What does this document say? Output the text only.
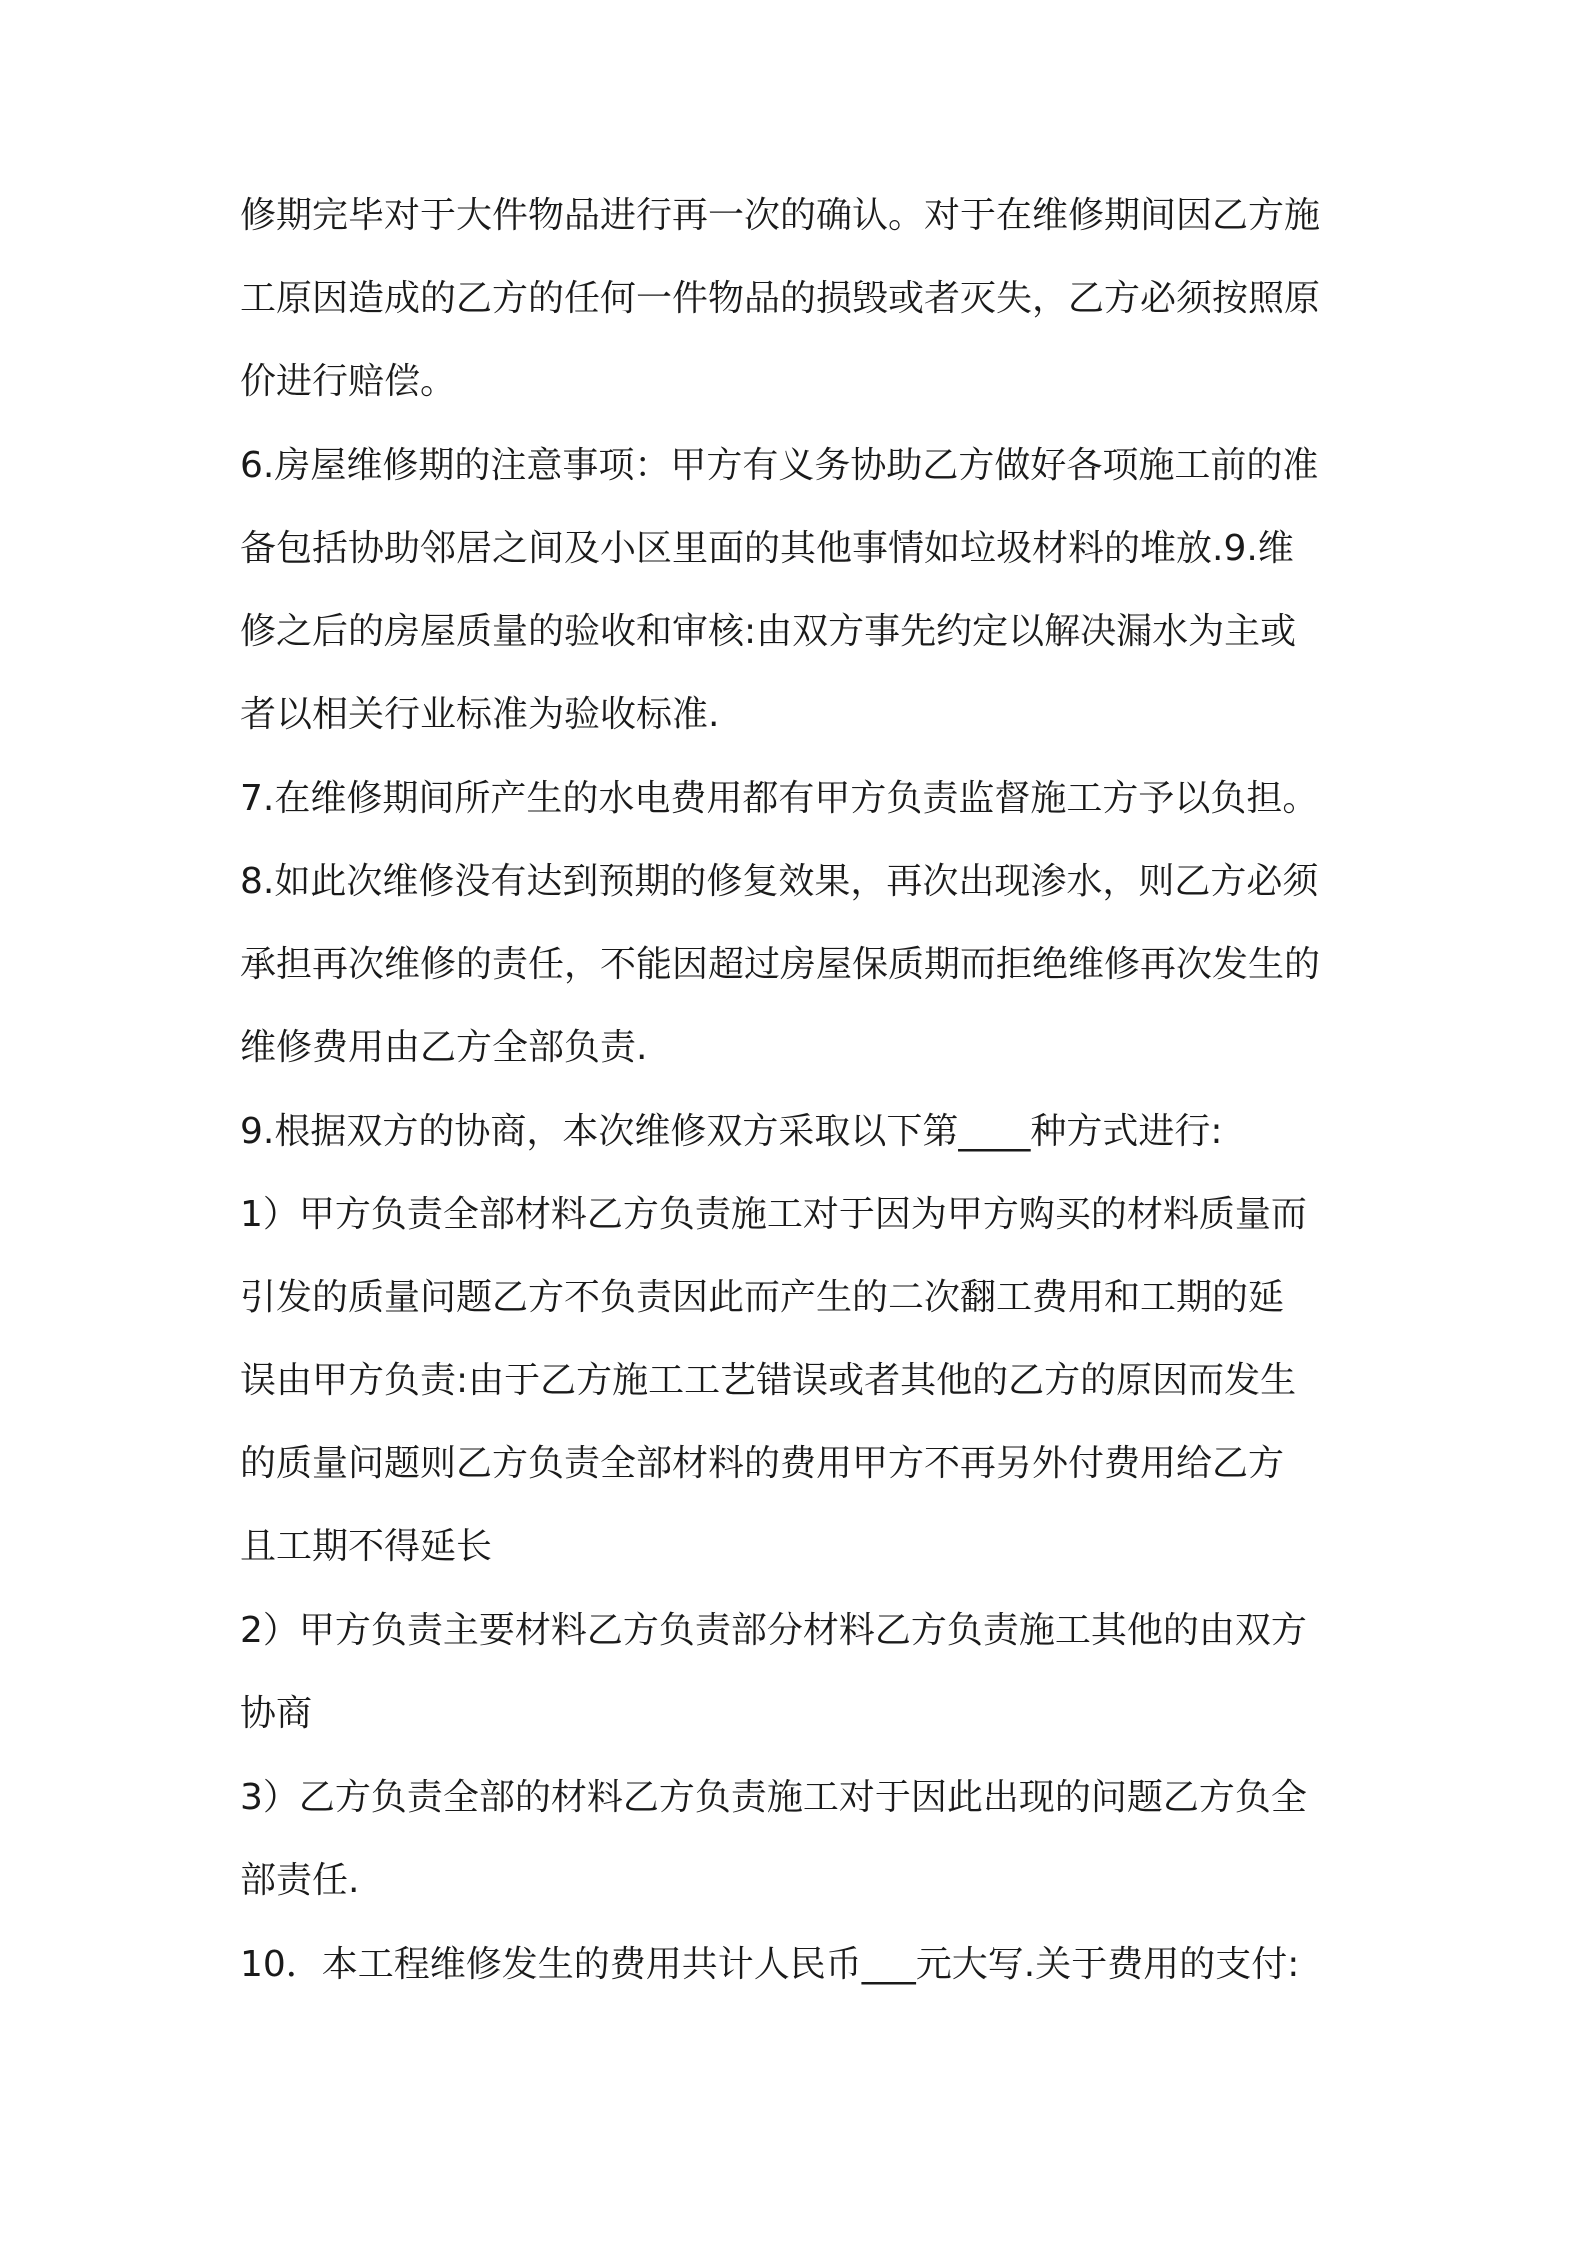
修期完毕对于大件物品进行再一次的确认。对于在维修期间因乙方施
工原因造成的乙方的任何一件物品的损毁或者灭失，乙方必须按照原
价进行赔偿。
6.房屋维修期的注意事项：甲方有义务协助乙方做好各项施工前的准
备包括协助邻居之间及小区里面的其他事情如垃圾材料的堆放.9.维
修之后的房屋质量的验收和审核:由双方事先约定以解决漏水为主或
者以相关行业标准为验收标准.
7.在维修期间所产生的水电费用都有甲方负责监督施工方予以负担。
8.如此次维修没有达到预期的修复效果，再次出现渗水，则乙方必须
承担再次维修的责任，不能因超过房屋保质期而拒绝维修再次发生的
维修费用由乙方全部负责.
9.根据双方的协商，本次维修双方采取以下第____种方式进行:
1）甲方负责全部材料乙方负责施工对于因为甲方购买的材料质量而
引发的质量问题乙方不负责因此而产生的二次翻工费用和工期的延
误由甲方负责:由于乙方施工工艺错误或者其他的乙方的原因而发生
的质量问题则乙方负责全部材料的费用甲方不再另外付费用给乙方
且工期不得延长
2）甲方负责主要材料乙方负责部分材料乙方负责施工其他的由双方
协商
3）乙方负责全部的材料乙方负责施工对于因此出现的问题乙方负全
部责任.
10．本工程维修发生的费用共计人民币___元大写.关于费用的支付:
